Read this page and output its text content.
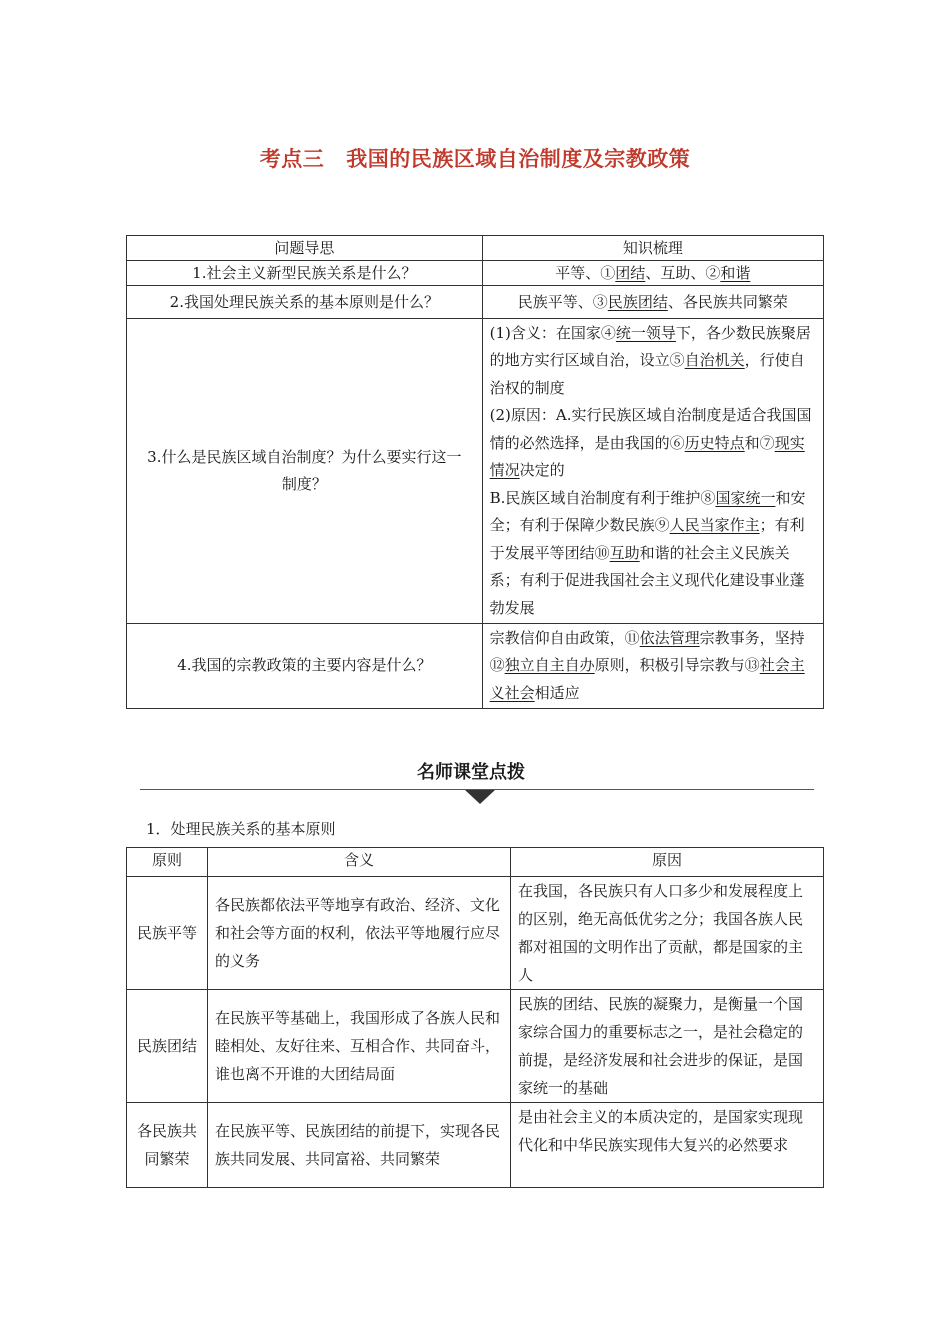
考点三 我国的民族区域自治制度及宗教政策
问题导思	知识梳理
1.社会主义新型民族关系是什么？	平等、①团结、互助、②和谐
2.我国处理民族关系的基本原则是什么？	民族平等、③民族团结、各民族共同繁荣
3.什么是民族区域自治制度？为什么要实行这一制度？	(1)含义：在国家④统一领导下，各少数民族聚居的地方实行区域自治，设立⑤自治机关，行使自治权的制度
(2)原因：A.实行民族区域自治制度是适合我国国情的必然选择，是由我国的⑥历史特点和⑦现实情况决定的
B.民族区域自治制度有利于维护⑧国家统一和安全；有利于保障少数民族⑨人民当家作主；有利于发展平等团结⑩互助和谐的社会主义民族关系；有利于促进我国社会主义现代化建设事业蓬勃发展

4.我国的宗教政策的主要内容是什么？	宗教信仰自由政策，⑪依法管理宗教事务，坚持⑫独立自主自办原则，积极引导宗教与⑬社会主义社会相适应
名师课堂点拨
1．处理民族关系的基本原则
原则	含义	原因
民族平等	各民族都依法平等地享有政治、经济、文化和社会等方面的权利，依法平等地履行应尽的义务	在我国，各民族只有人口多少和发展程度上的区别，绝无高低优劣之分；我国各族人民都对祖国的文明作出了贡献，都是国家的主人
民族团结	在民族平等基础上，我国形成了各族人民和睦相处、友好往来、互相合作、共同奋斗，谁也离不开谁的大团结局面	民族的团结、民族的凝聚力，是衡量一个国家综合国力的重要标志之一，是社会稳定的前提，是经济发展和社会进步的保证，是国家统一的基础
各民族共同繁荣	在民族平等、民族团结的前提下，实现各民族共同发展、共同富裕、共同繁荣	是由社会主义的本质决定的，是国家实现现代化和中华民族实现伟大复兴的必然要求
